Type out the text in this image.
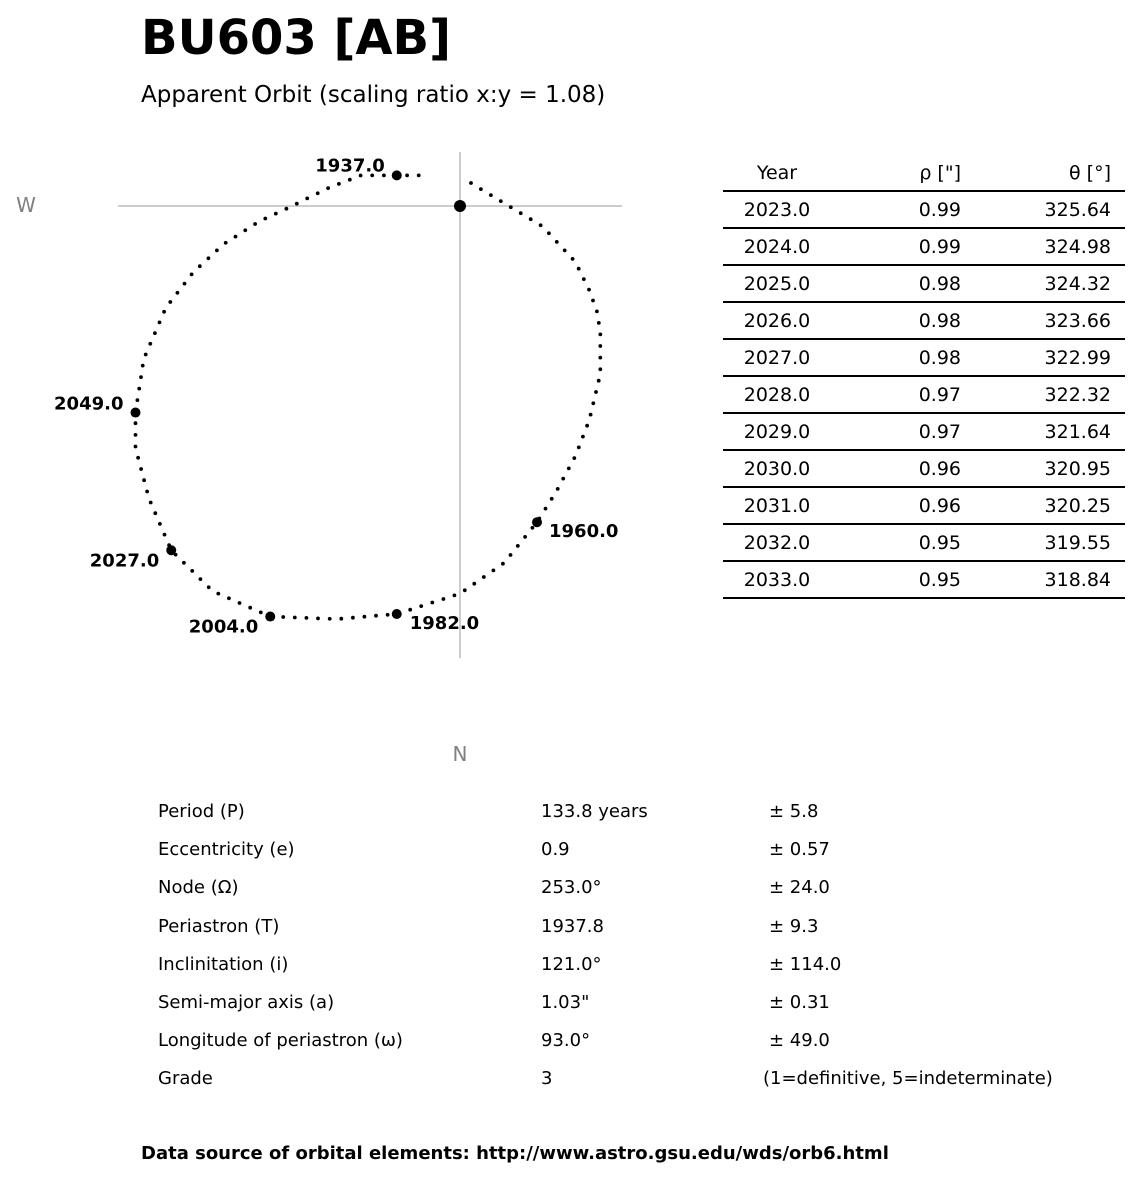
BU603 [AB]
Apparent Orbit (scaling ratio x:y = 1.08)
W
N
1937.0
1960.0
1982.0
2004.0
2027.0
2049.0
Year	ρ ["]	θ [°]
2023.0	0.99	325.64
2024.0	0.99	324.98
2025.0	0.98	324.32
2026.0	0.98	323.66
2027.0	0.98	322.99
2028.0	0.97	322.32
2029.0	0.97	321.64
2030.0	0.96	320.95
2031.0	0.96	320.25
2032.0	0.95	319.55
2033.0	0.95	318.84
Period (P)	133.8 years	± 5.8
Eccentricity (e)	0.9	± 0.57
Node (Ω)	253.0°	± 24.0
Periastron (T)	1937.8	± 9.3
Inclinitation (i)	121.0°	± 114.0
Semi-major axis (a)	1.03"	± 0.31
Longitude of periastron (ω)	93.0°	± 49.0
Grade	3	(1=definitive, 5=indeterminate)
Data source of orbital elements: http://www.astro.gsu.edu/wds/orb6.html
